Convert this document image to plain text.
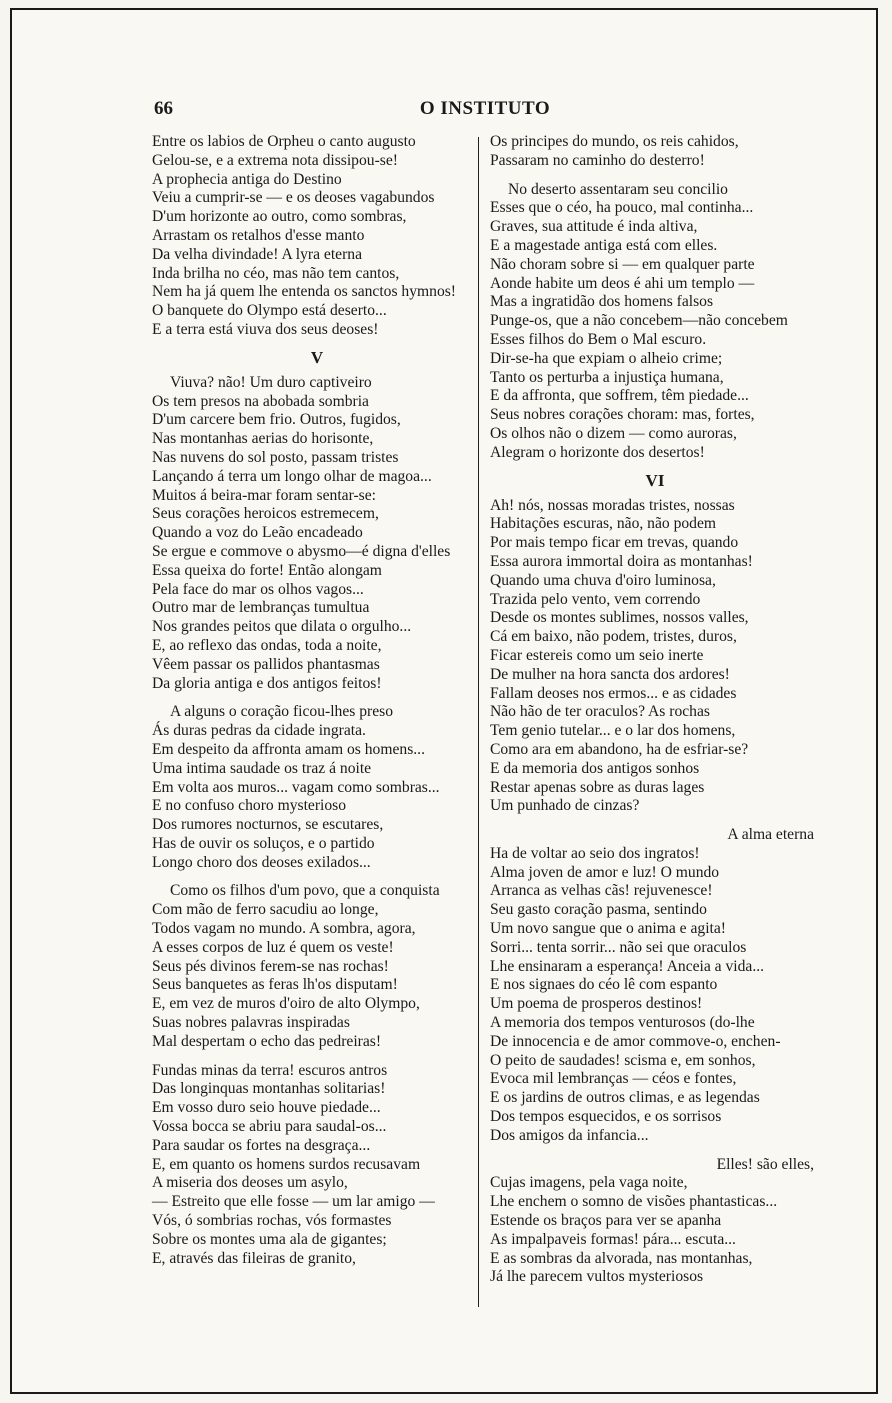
66	O INSTITUTO
Entre os labios de Orpheu o canto augusto
Gelou-se, e a extrema nota dissipou-se!
A prophecia antiga do Destino
Veiu a cumprir-se — e os deoses vagabundos
D'um horizonte ao outro, como sombras,
Arrastam os retalhos d'esse manto
Da velha divindade! A lyra eterna
Inda brilha no céo, mas não tem cantos,
Nem ha já quem lhe entenda os sanctos hymnos!
O banquete do Olympo está deserto...
E a terra está viuva dos seus deoses!
V
Viuva? não! Um duro captiveiro
Os tem presos na abobada sombria
D'um carcere bem frio. Outros, fugidos,
Nas montanhas aerias do horisonte,
Nas nuvens do sol posto, passam tristes
Lançando á terra um longo olhar de magoa...
Muitos á beira-mar foram sentar-se:
Seus corações heroicos estremecem,
Quando a voz do Leão encadeado
Se ergue e commove o abysmo—é digna d'elles
Essa queixa do forte! Então alongam
Pela face do mar os olhos vagos...
Outro mar de lembranças tumultua
Nos grandes peitos que dilata o orgulho...
E, ao reflexo das ondas, toda a noite,
Vêem passar os pallidos phantasmas
Da gloria antiga e dos antigos feitos!
A alguns o coração ficou-lhes preso
Ás duras pedras da cidade ingrata.
Em despeito da affronta amam os homens...
Uma intima saudade os traz á noite
Em volta aos muros... vagam como sombras...
E no confuso choro mysterioso
Dos rumores nocturnos, se escutares,
Has de ouvir os soluços, e o partido
Longo choro dos deoses exilados...
Como os filhos d'um povo, que a conquista
Com mão de ferro sacudiu ao longe,
Todos vagam no mundo. A sombra, agora,
A esses corpos de luz é quem os veste!
Seus pés divinos ferem-se nas rochas!
Seus banquetes as feras lh'os disputam!
E, em vez de muros d'oiro de alto Olympo,
Suas nobres palavras inspiradas
Mal despertam o echo das pedreiras!
Fundas minas da terra! escuros antros
Das longinquas montanhas solitarias!
Em vosso duro seio houve piedade...
Vossa bocca se abriu para saudal-os...
Para saudar os fortes na desgraça...
E, em quanto os homens surdos recusavam
A miseria dos deoses um asylo,
— Estreito que elle fosse — um lar amigo —
Vós, ó sombrias rochas, vós formastes
Sobre os montes uma ala de gigantes;
E, através das fileiras de granito,
Os principes do mundo, os reis cahidos,
Passaram no caminho do desterro!
No deserto assentaram seu concilio
Esses que o céo, ha pouco, mal continha...
Graves, sua attitude é inda altiva,
E a magestade antiga está com elles.
Não choram sobre si — em qualquer parte
Aonde habite um deos é ahi um templo —
Mas a ingratidão dos homens falsos
Punge-os, que a não concebem—não concebem
Esses filhos do Bem o Mal escuro.
Dir-se-ha que expiam o alheio crime;
Tanto os perturba a injustiça humana,
E da affronta, que soffrem, têm piedade...
Seus nobres corações choram: mas, fortes,
Os olhos não o dizem — como auroras,
Alegram o horizonte dos desertos!
VI
Ah! nós, nossas moradas tristes, nossas
Habitações escuras, não, não podem
Por mais tempo ficar em trevas, quando
Essa aurora immortal doira as montanhas!
Quando uma chuva d'oiro luminosa,
Trazida pelo vento, vem correndo
Desde os montes sublimes, nossos valles,
Cá em baixo, não podem, tristes, duros,
Ficar estereis como um seio inerte
De mulher na hora sancta dos ardores!
Fallam deoses nos ermos... e as cidades
Não hão de ter oraculos? As rochas
Tem genio tutelar... e o lar dos homens,
Como ara em abandono, ha de esfriar-se?
E da memoria dos antigos sonhos
Restar apenas sobre as duras lages
Um punhado de cinzas?
A alma eterna
Ha de voltar ao seio dos ingratos!
Alma joven de amor e luz! O mundo
Arranca as velhas cãs! rejuvenesce!
Seu gasto coração pasma, sentindo
Um novo sangue que o anima e agita!
Sorri... tenta sorrir... não sei que oraculos
Lhe ensinaram a esperança! Anceia a vida...
E nos signaes do céo lê com espanto
Um poema de prosperos destinos!
A memoria dos tempos venturosos (do-lhe
De innocencia e de amor commove-o, enchen-
O peito de saudades! scisma e, em sonhos,
Evoca mil lembranças — céos e fontes,
E os jardins de outros climas, e as legendas
Dos tempos esquecidos, e os sorrisos
Dos amigos da infancia...
Elles! são elles,
Cujas imagens, pela vaga noite,
Lhe enchem o somno de visões phantasticas...
Estende os braços para ver se apanha
As impalpaveis formas! pára... escuta...
E as sombras da alvorada, nas montanhas,
Já lhe parecem vultos mysteriosos
